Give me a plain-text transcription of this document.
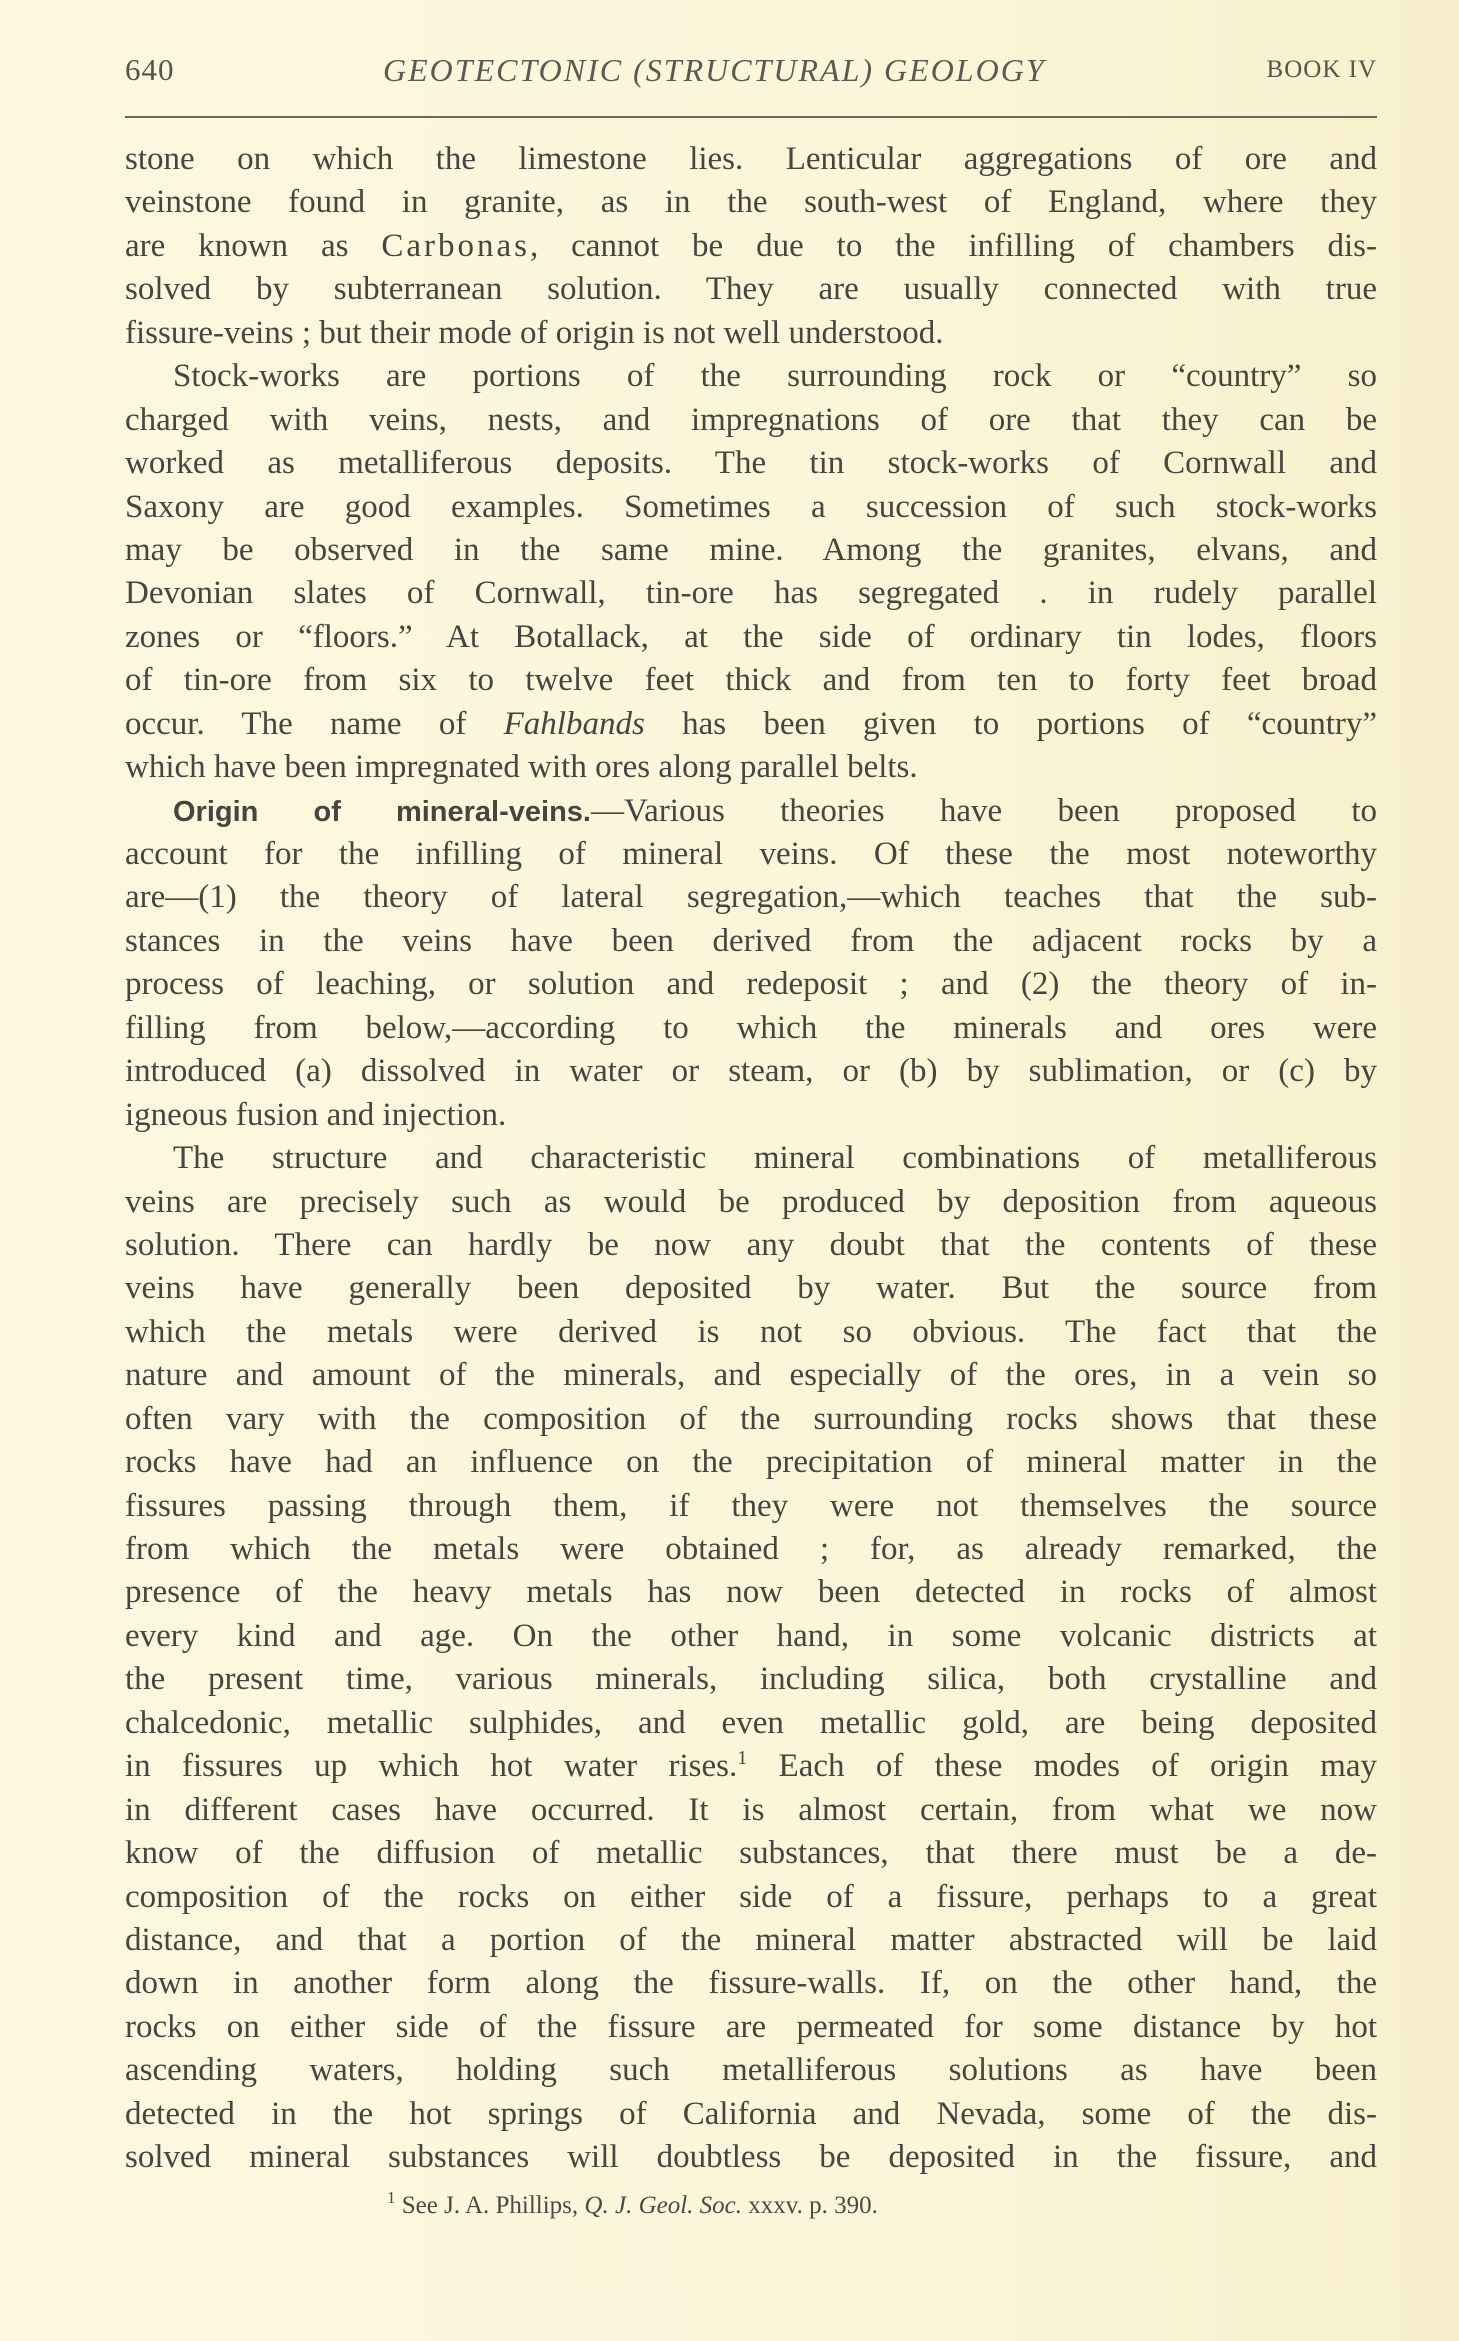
640	GEOTECTONIC (STRUCTURAL) GEOLOGY	BOOK IV
stone on which the limestone lies. Lenticular aggregations of ore and
veinstone found in granite, as in the south-west of England, where they
are known as Carbonas, cannot be due to the infilling of chambers dis-
solved by subterranean solution. They are usually connected with true
fissure-veins ; but their mode of origin is not well understood.
Stock-works are portions of the surrounding rock or “country” so
charged with veins, nests, and impregnations of ore that they can be
worked as metalliferous deposits. The tin stock-works of Cornwall and
Saxony are good examples. Sometimes a succession of such stock-works
may be observed in the same mine. Among the granites, elvans, and
Devonian slates of Cornwall, tin-ore has segregated . in rudely parallel
zones or “floors.” At Botallack, at the side of ordinary tin lodes, floors
of tin-ore from six to twelve feet thick and from ten to forty feet broad
occur. The name of Fahlbands has been given to portions of “country”
which have been impregnated with ores along parallel belts.
Origin of mineral-veins.—Various theories have been proposed to
account for the infilling of mineral veins. Of these the most noteworthy
are—(1) the theory of lateral segregation,—which teaches that the sub-
stances in the veins have been derived from the adjacent rocks by a
process of leaching, or solution and redeposit ; and (2) the theory of in-
filling from below,—according to which the minerals and ores were
introduced (a) dissolved in water or steam, or (b) by sublimation, or (c) by
igneous fusion and injection.
The structure and characteristic mineral combinations of metalliferous
veins are precisely such as would be produced by deposition from aqueous
solution. There can hardly be now any doubt that the contents of these
veins have generally been deposited by water. But the source from
which the metals were derived is not so obvious. The fact that the
nature and amount of the minerals, and especially of the ores, in a vein so
often vary with the composition of the surrounding rocks shows that these
rocks have had an influence on the precipitation of mineral matter in the
fissures passing through them, if they were not themselves the source
from which the metals were obtained ; for, as already remarked, the
presence of the heavy metals has now been detected in rocks of almost
every kind and age. On the other hand, in some volcanic districts at
the present time, various minerals, including silica, both crystalline and
chalcedonic, metallic sulphides, and even metallic gold, are being deposited
in fissures up which hot water rises.$^1$ Each of these modes of origin may
in different cases have occurred. It is almost certain, from what we now
know of the diffusion of metallic substances, that there must be a de-
composition of the rocks on either side of a fissure, perhaps to a great
distance, and that a portion of the mineral matter abstracted will be laid
down in another form along the fissure-walls. If, on the other hand, the
rocks on either side of the fissure are permeated for some distance by hot
ascending waters, holding such metalliferous solutions as have been
detected in the hot springs of California and Nevada, some of the dis-
solved mineral substances will doubtless be deposited in the fissure, and
$^1$ See J. A. Phillips, Q. J. Geol. Soc. xxxv. p. 390.
